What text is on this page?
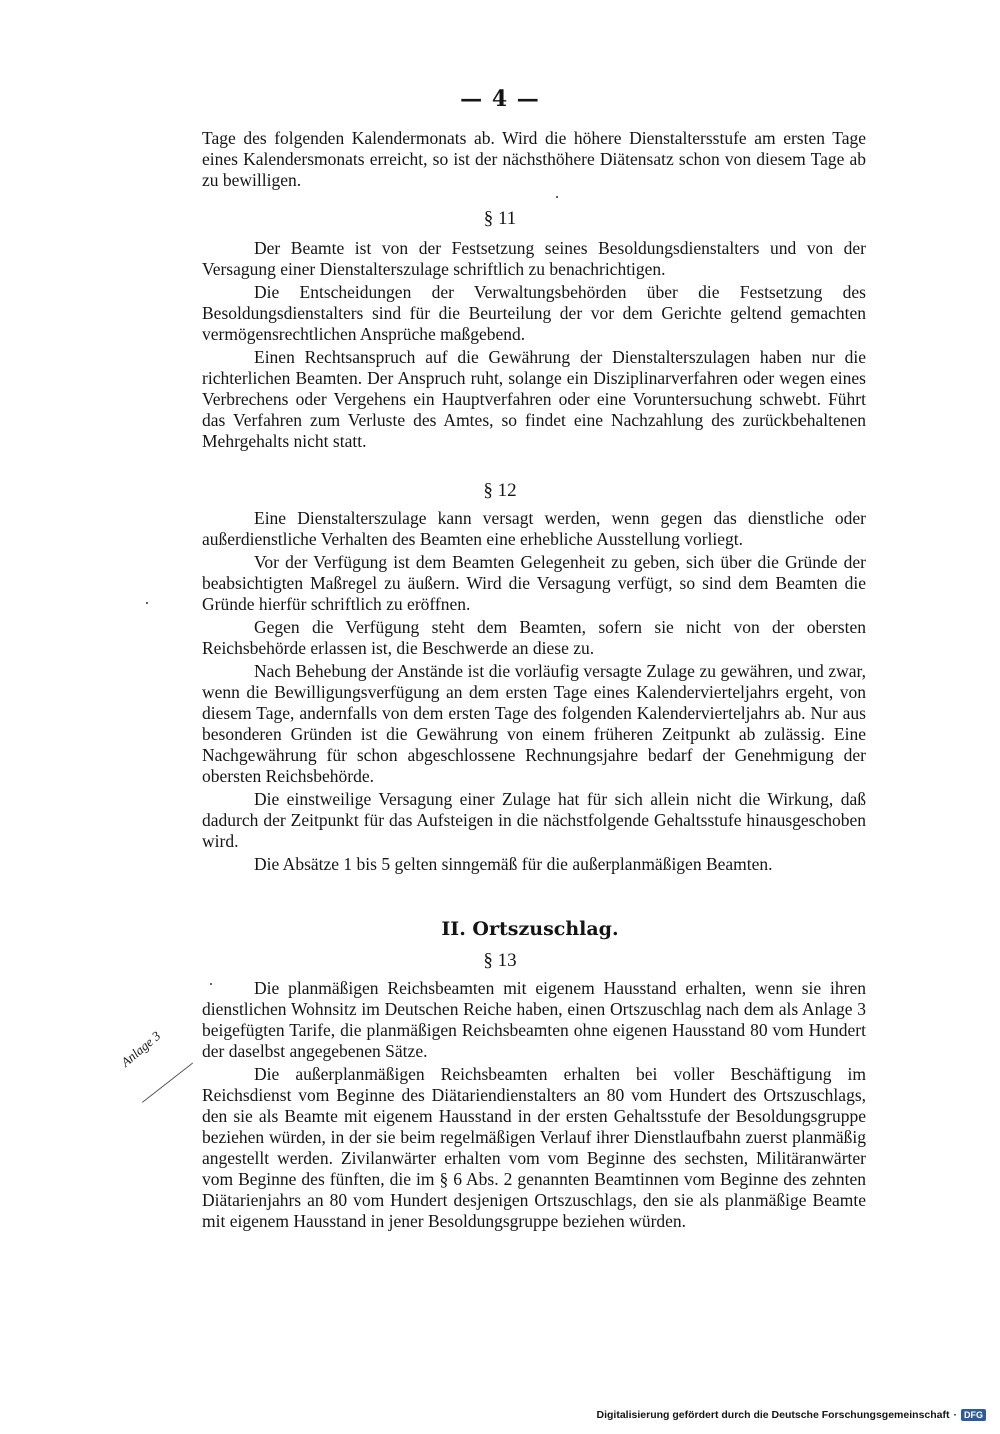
— 4 —

Tage des folgenden Kalendermonats ab. Wird die höhere Dienstaltersstufe am ersten Tage eines Kalendersmonats erreicht, so ist der nächsthöhere Diätensatz schon von diesem Tage ab zu bewilligen.

§ 11

Der Beamte ist von der Festsetzung seines Besoldungsdienstalters und von der Versagung einer Dienstalterszulage schriftlich zu benachrichtigen.

Die Entscheidungen der Verwaltungsbehörden über die Festsetzung des Besoldungsdienstalters sind für die Beurteilung der vor dem Gerichte geltend gemachten vermögensrechtlichen Ansprüche maßgebend.

Einen Rechtsanspruch auf die Gewährung der Dienstalterszulagen haben nur die richterlichen Beamten. Der Anspruch ruht, solange ein Disziplinarverfahren oder wegen eines Verbrechens oder Vergehens ein Hauptverfahren oder eine Voruntersuchung schwebt. Führt das Verfahren zum Verluste des Amtes, so findet eine Nachzahlung des zurückbehaltenen Mehrgehalts nicht statt.

§ 12

Eine Dienstalterszulage kann versagt werden, wenn gegen das dienstliche oder außerdienstliche Verhalten des Beamten eine erhebliche Ausstellung vorliegt.

Vor der Verfügung ist dem Beamten Gelegenheit zu geben, sich über die Gründe der beabsichtigten Maßregel zu äußern. Wird die Versagung verfügt, so sind dem Beamten die Gründe hierfür schriftlich zu eröffnen.

Gegen die Verfügung steht dem Beamten, sofern sie nicht von der obersten Reichsbehörde erlassen ist, die Beschwerde an diese zu.

Nach Behebung der Anstände ist die vorläufig versagte Zulage zu gewähren, und zwar, wenn die Bewilligungsverfügung an dem ersten Tage eines Kalendervierteljahrs ergeht, von diesem Tage, andernfalls von dem ersten Tage des folgenden Kalendervierteljahrs ab. Nur aus besonderen Gründen ist die Gewährung von einem früheren Zeitpunkt ab zulässig. Eine Nachgewährung für schon abgeschlossene Rechnungsjahre bedarf der Genehmigung der obersten Reichsbehörde.

Die einstweilige Versagung einer Zulage hat für sich allein nicht die Wirkung, daß dadurch der Zeitpunkt für das Aufsteigen in die nächstfolgende Gehaltsstufe hinausgeschoben wird.

Die Absätze 1 bis 5 gelten sinngemäß für die außerplanmäßigen Beamten.

II. Ortszuschlag.
§ 13

Die planmäßigen Reichsbeamten mit eigenem Hausstand erhalten, wenn sie ihren dienstlichen Wohnsitz im Deutschen Reiche haben, einen Ortszuschlag nach dem als Anlage 3 beigefügten Tarife, die planmäßigen Reichsbeamten ohne eigenen Hausstand 80 vom Hundert der daselbst angegebenen Sätze.

Die außerplanmäßigen Reichsbeamten erhalten bei voller Beschäftigung im Reichsdienst vom Beginne des Diätariendienstalters an 80 vom Hundert des Ortszuschlags, den sie als Beamte mit eigenem Hausstand in der ersten Gehaltsstufe der Besoldungsgruppe beziehen würden, in der sie beim regelmäßigen Verlauf ihrer Dienstlaufbahn zuerst planmäßig angestellt werden. Zivilanwärter erhalten vom vom Beginne des sechsten, Militäranwärter vom Beginne des fünften, die im § 6 Abs. 2 genannten Beamtinnen vom Beginne des zehnten Diätarienjahrs an 80 vom Hundert desjenigen Ortszuschlags, den sie als planmäßige Beamte mit eigenem Hausstand in jener Besoldungsgruppe beziehen würden.

Anlage 3
Digitalisierung gefördert durch die Deutsche Forschungsgemeinschaft · DFG
